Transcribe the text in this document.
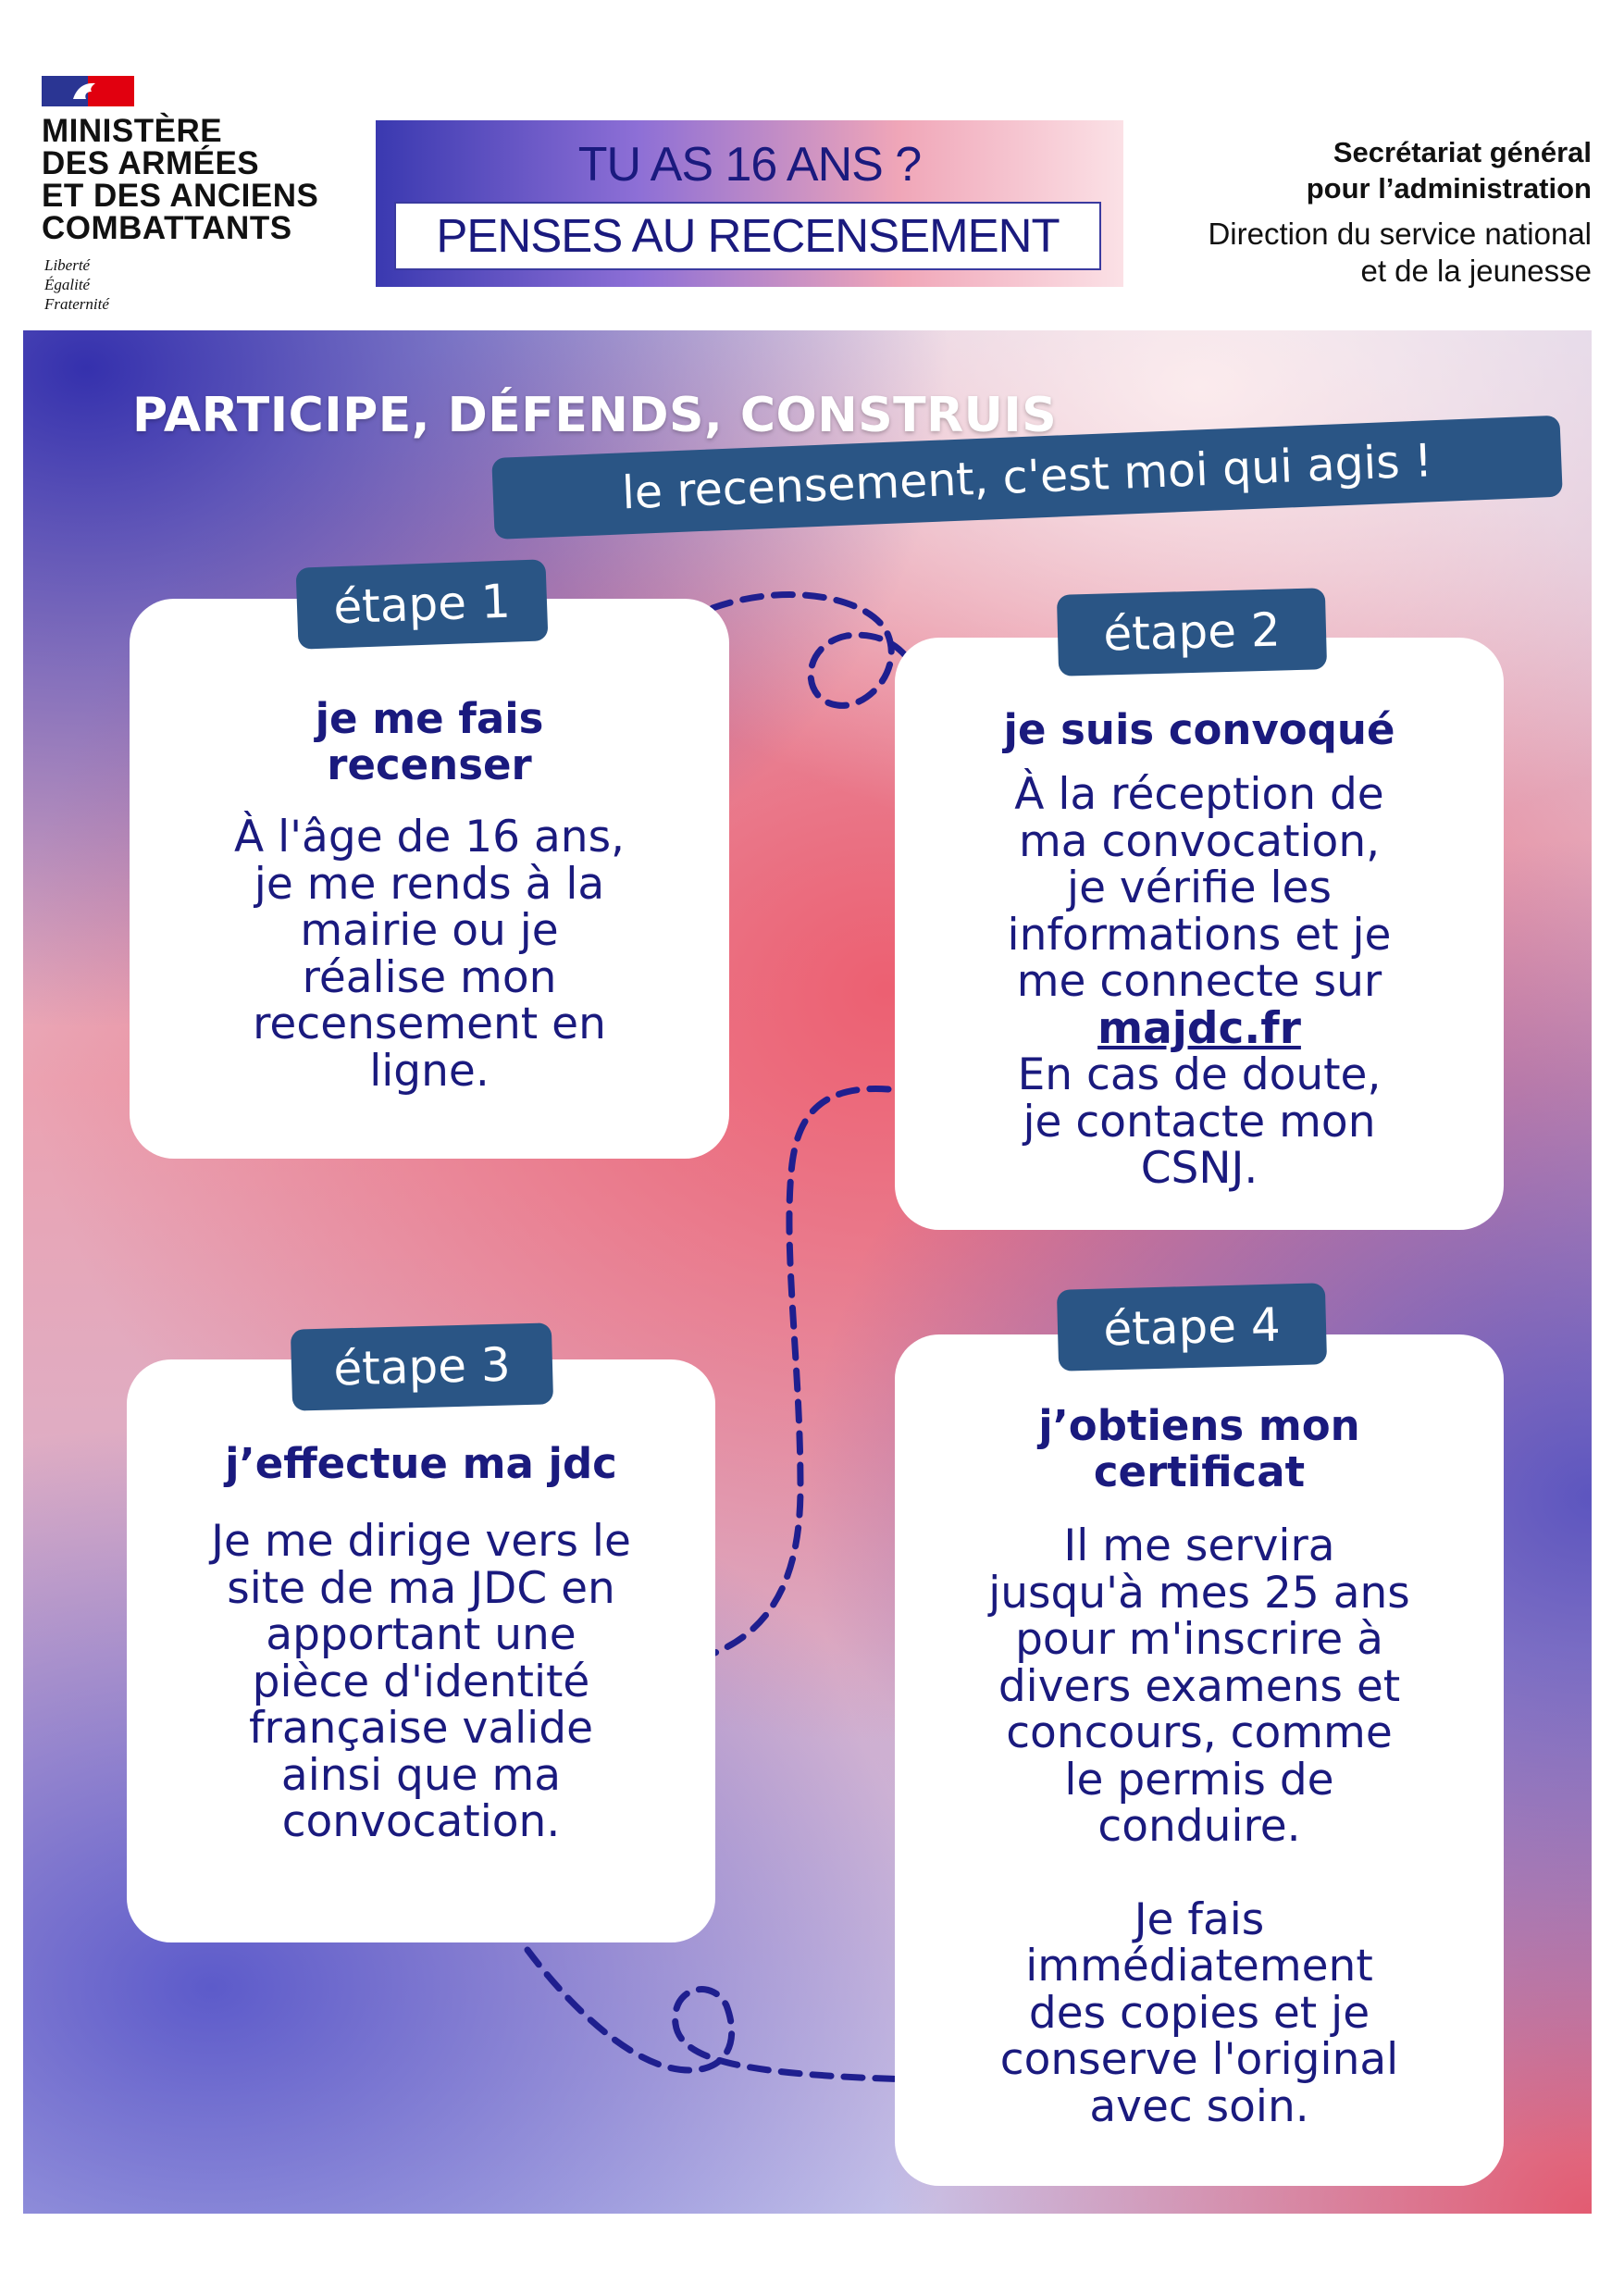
MINISTÈRE
DES ARMÉES
ET DES ANCIENS
COMBATTANTS
Liberté
Égalité
Fraternité
TU AS 16 ANS ?
PENSES AU RECENSEMENT
Secrétariat général
pour l’administration
Direction du service national
et de la jeunesse
PARTICIPE, DÉFENDS, CONSTRUIS
le recensement, c'est moi qui agis !
je me fais
recenser
À l'âge de 16 ans,
je me rends à la
mairie ou je
réalise mon
recensement en
ligne.
étape 1
je suis convoqué
À la réception de
ma convocation,
je vérifie les
informations et je
me connecte sur
majdc.fr
En cas de doute,
je contacte mon
CSNJ.
étape 2
j’effectue ma jdc
Je me dirige vers le
site de ma JDC en
apportant une
pièce d'identité
française valide
ainsi que ma
convocation.
étape 3
j’obtiens mon
certificat
Il me servira
jusqu'à mes 25 ans
pour m'inscrire à
divers examens et
concours, comme
le permis de
conduire.
Je fais
immédiatement
des copies et je
conserve l'original
avec soin.
étape 4
